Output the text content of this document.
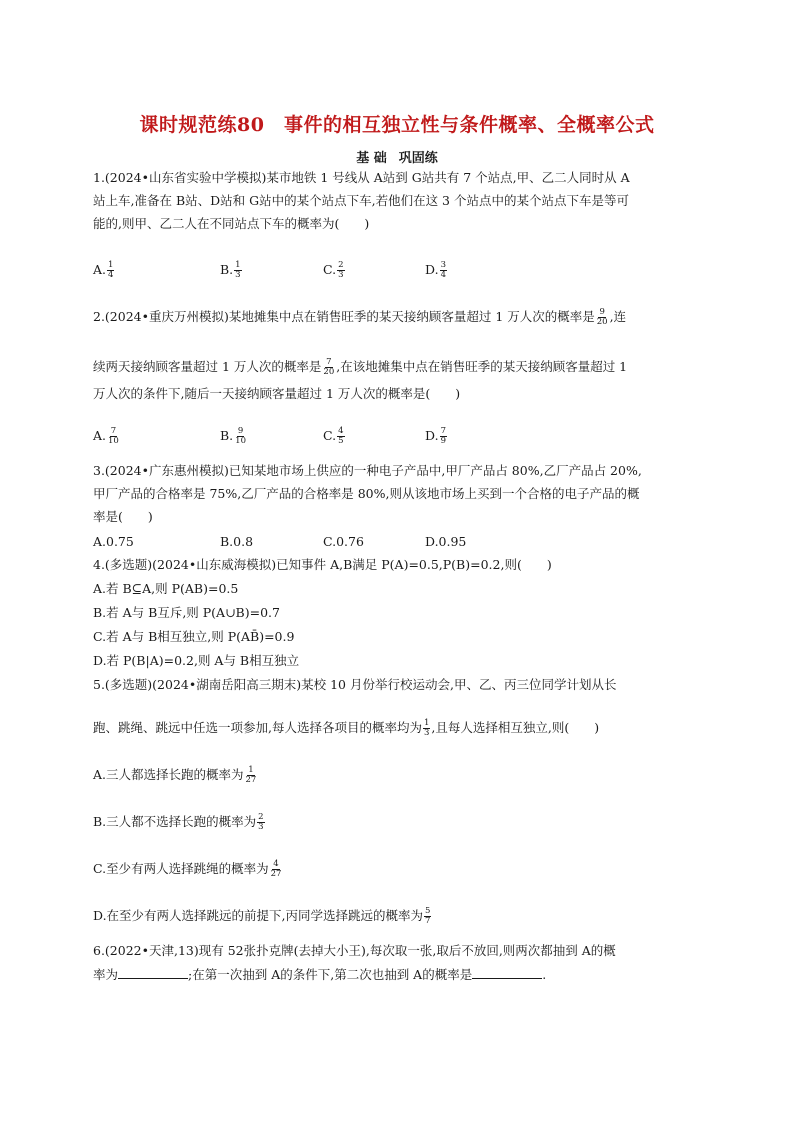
课时规范练80　事件的相互独立性与条件概率、全概率公式
基 础 巩固练
1.(2024•山东省实验中学模拟)某市地铁 1 号线从 A站到 G站共有 7 个站点,甲、乙二人同时从 A
站上车,准备在 B站、D站和 G站中的某个站点下车,若他们在这 3 个站点中的某个站点下车是等可
能的,则甲、乙二人在不同站点下车的概率为(　　)
A. $\frac{1}{4}$	B. $\frac{1}{3}$	C. $\frac{2}{3}$	D. $\frac{3}{4}$
2.(2024•重庆万州模拟)某地摊集中点在销售旺季的某天接纳顾客量超过 1 万人次的概率是 $\frac{9}{20}$ ,连
续两天接纳顾客量超过 1 万人次的概率是 $\frac{7}{20}$ ,在该地摊集中点在销售旺季的某天接纳顾客量超过 1
万人次的条件下,随后一天接纳顾客量超过 1 万人次的概率是(　　)
A. $\frac{7}{10}$	B. $\frac{9}{10}$	C. $\frac{4}{5}$	D. $\frac{7}{9}$
3.(2024•广东惠州模拟)已知某地市场上供应的一种电子产品中,甲厂产品占 80%,乙厂产品占 20%,
甲厂产品的合格率是 75%,乙厂产品的合格率是 80%,则从该地市场上买到一个合格的电子产品的概
率是(　　)
A.0.75	B.0.8	C.0.76	D.0.95
4.(多选题)(2024•山东威海模拟)已知事件 A,B满足 P(A)=0.5,P(B)=0.2,则(　　)
A.若 B⊆A,则 P(AB)=0.5
B.若 A与 B互斥,则 P(A∪B)=0.7
C.若 A与 B相互独立,则 P(AB̄)=0.9
D.若 P(B|A)=0.2,则 A与 B相互独立
5.(多选题)(2024•湖南岳阳高三期末)某校 10 月份举行校运动会,甲、乙、丙三位同学计划从长
跑、跳绳、跳远中任选一项参加,每人选择各项目的概率均为 $\frac{1}{3}$ ,且每人选择相互独立,则(　　)
A.三人都选择长跑的概率为 $\frac{1}{27}$
B.三人都不选择长跑的概率为 $\frac{2}{3}$
C.至少有两人选择跳绳的概率为 $\frac{4}{27}$
D.在至少有两人选择跳远的前提下,丙同学选择跳远的概率为 $\frac{5}{7}$
6.(2022•天津,13)现有 52张扑克牌(去掉大小王),每次取一张,取后不放回,则两次都抽到 A的概
率为	;在第一次抽到 A的条件下,第二次也抽到 A的概率是	.
